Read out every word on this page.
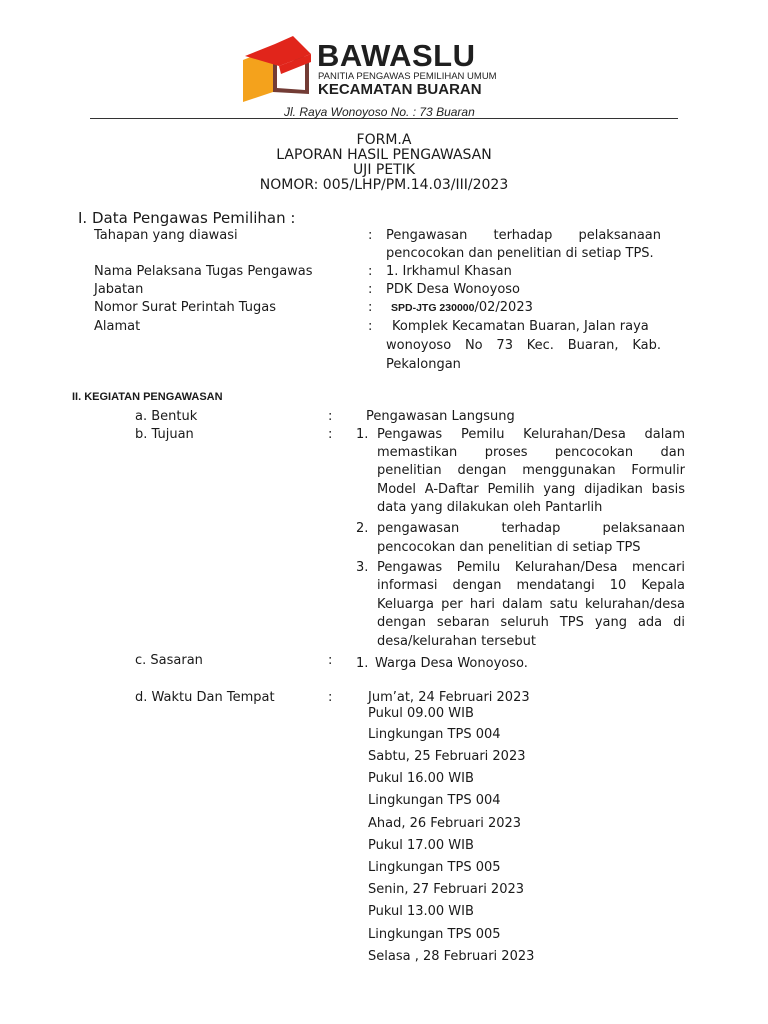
BAWASLU
PANITIA PENGAWAS PEMILIHAN UMUM
KECAMATAN BUARAN
Jl. Raya Wonoyoso No. : 73 Buaran
FORM.A
LAPORAN HASIL PENGAWASAN
UJI PETIK
NOMOR: 005/LHP/PM.14.03/III/2023
I. Data Pengawas Pemilihan :
Tahapan yang diawasi	: Pengawasan terhadap pelaksanaan
pencocokan dan penelitian di setiap TPS.
Nama Pelaksana Tugas Pengawas	: 1. Irkhamul Khasan
Jabatan	: PDK Desa Wonoyoso
Nomor Surat Perintah Tugas	: SPD-JTG 230000/02/2023
Alamat	: Komplek Kecamatan Buaran, Jalan raya
wonoyoso No 73 Kec. Buaran, Kab.
Pekalongan
II. KEGIATAN PENGAWASAN
a. Bentuk	:	Pengawasan Langsung
b. Tujuan	: 1. Pengawas Pemilu Kelurahan/Desa dalam
memastikan proses pencocokan dan
penelitian dengan menggunakan Formulir
Model A-Daftar Pemilih yang dijadikan basis
data yang dilakukan oleh Pantarlih
2. pengawasan terhadap pelaksanaan
pencocokan dan penelitian di setiap TPS
3. Pengawas Pemilu Kelurahan/Desa mencari
informasi dengan mendatangi 10 Kepala
Keluarga per hari dalam satu kelurahan/desa
dengan sebaran seluruh TPS yang ada di
desa/kelurahan tersebut
c. Sasaran	: 1. Warga Desa Wonoyoso.
d. Waktu Dan Tempat	:	Jum’at, 24 Februari 2023
Pukul 09.00 WIB
Lingkungan TPS 004
Sabtu, 25 Februari 2023
Pukul 16.00 WIB
Lingkungan TPS 004
Ahad, 26 Februari 2023
Pukul 17.00 WIB
Lingkungan TPS 005
Senin, 27 Februari 2023
Pukul 13.00 WIB
Lingkungan TPS 005
Selasa , 28 Februari 2023
